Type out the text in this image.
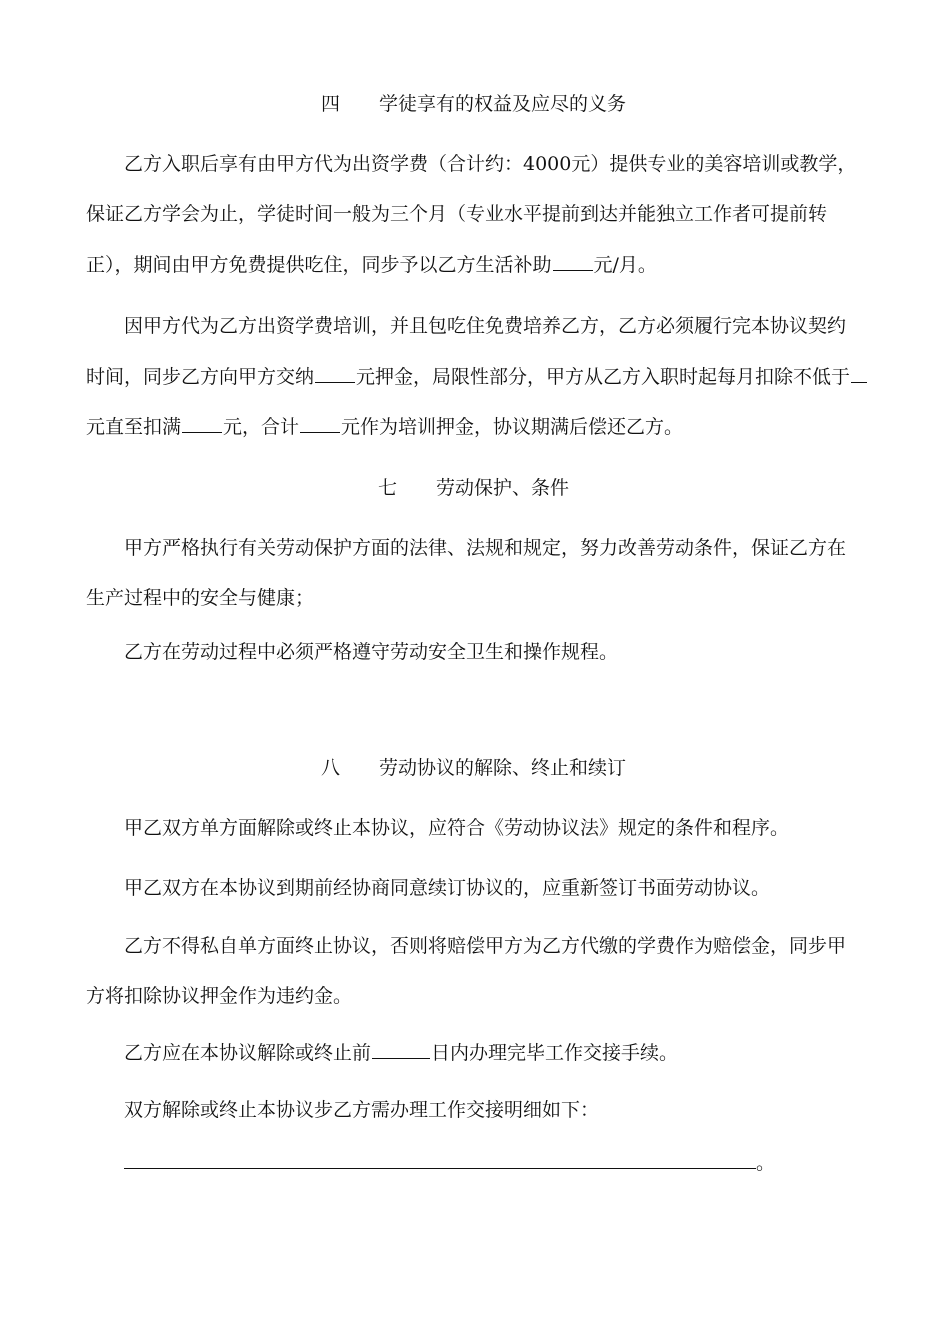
四 学徒享有的权益及应尽的义务
乙方入职后享有由甲方代为出资学费（合计约：4000元）提供专业的美容培训或教学，
保证乙方学会为止，学徒时间一般为三个月（专业水平提前到达并能独立工作者可提前转
正），期间由甲方免费提供吃住，同步予以乙方生活补助 元/月。
因甲方代为乙方出资学费培训，并且包吃住免费培养乙方，乙方必须履行完本协议契约
时间，同步乙方向甲方交纳 元押金，局限性部分，甲方从乙方入职时起每月扣除不低于
元直至扣满 元，合计 元作为培训押金，协议期满后偿还乙方。
七 劳动保护、条件
甲方严格执行有关劳动保护方面的法律、法规和规定，努力改善劳动条件，保证乙方在
生产过程中的安全与健康；
乙方在劳动过程中必须严格遵守劳动安全卫生和操作规程。
八 劳动协议的解除、终止和续订
甲乙双方单方面解除或终止本协议，应符合《劳动协议法》规定的条件和程序。
甲乙双方在本协议到期前经协商同意续订协议的，应重新签订书面劳动协议。
乙方不得私自单方面终止协议，否则将赔偿甲方为乙方代缴的学费作为赔偿金，同步甲
方将扣除协议押金作为违约金。
乙方应在本协议解除或终止前	日内办理完毕工作交接手续。
双方解除或终止本协议步乙方需办理工作交接明细如下：
。
